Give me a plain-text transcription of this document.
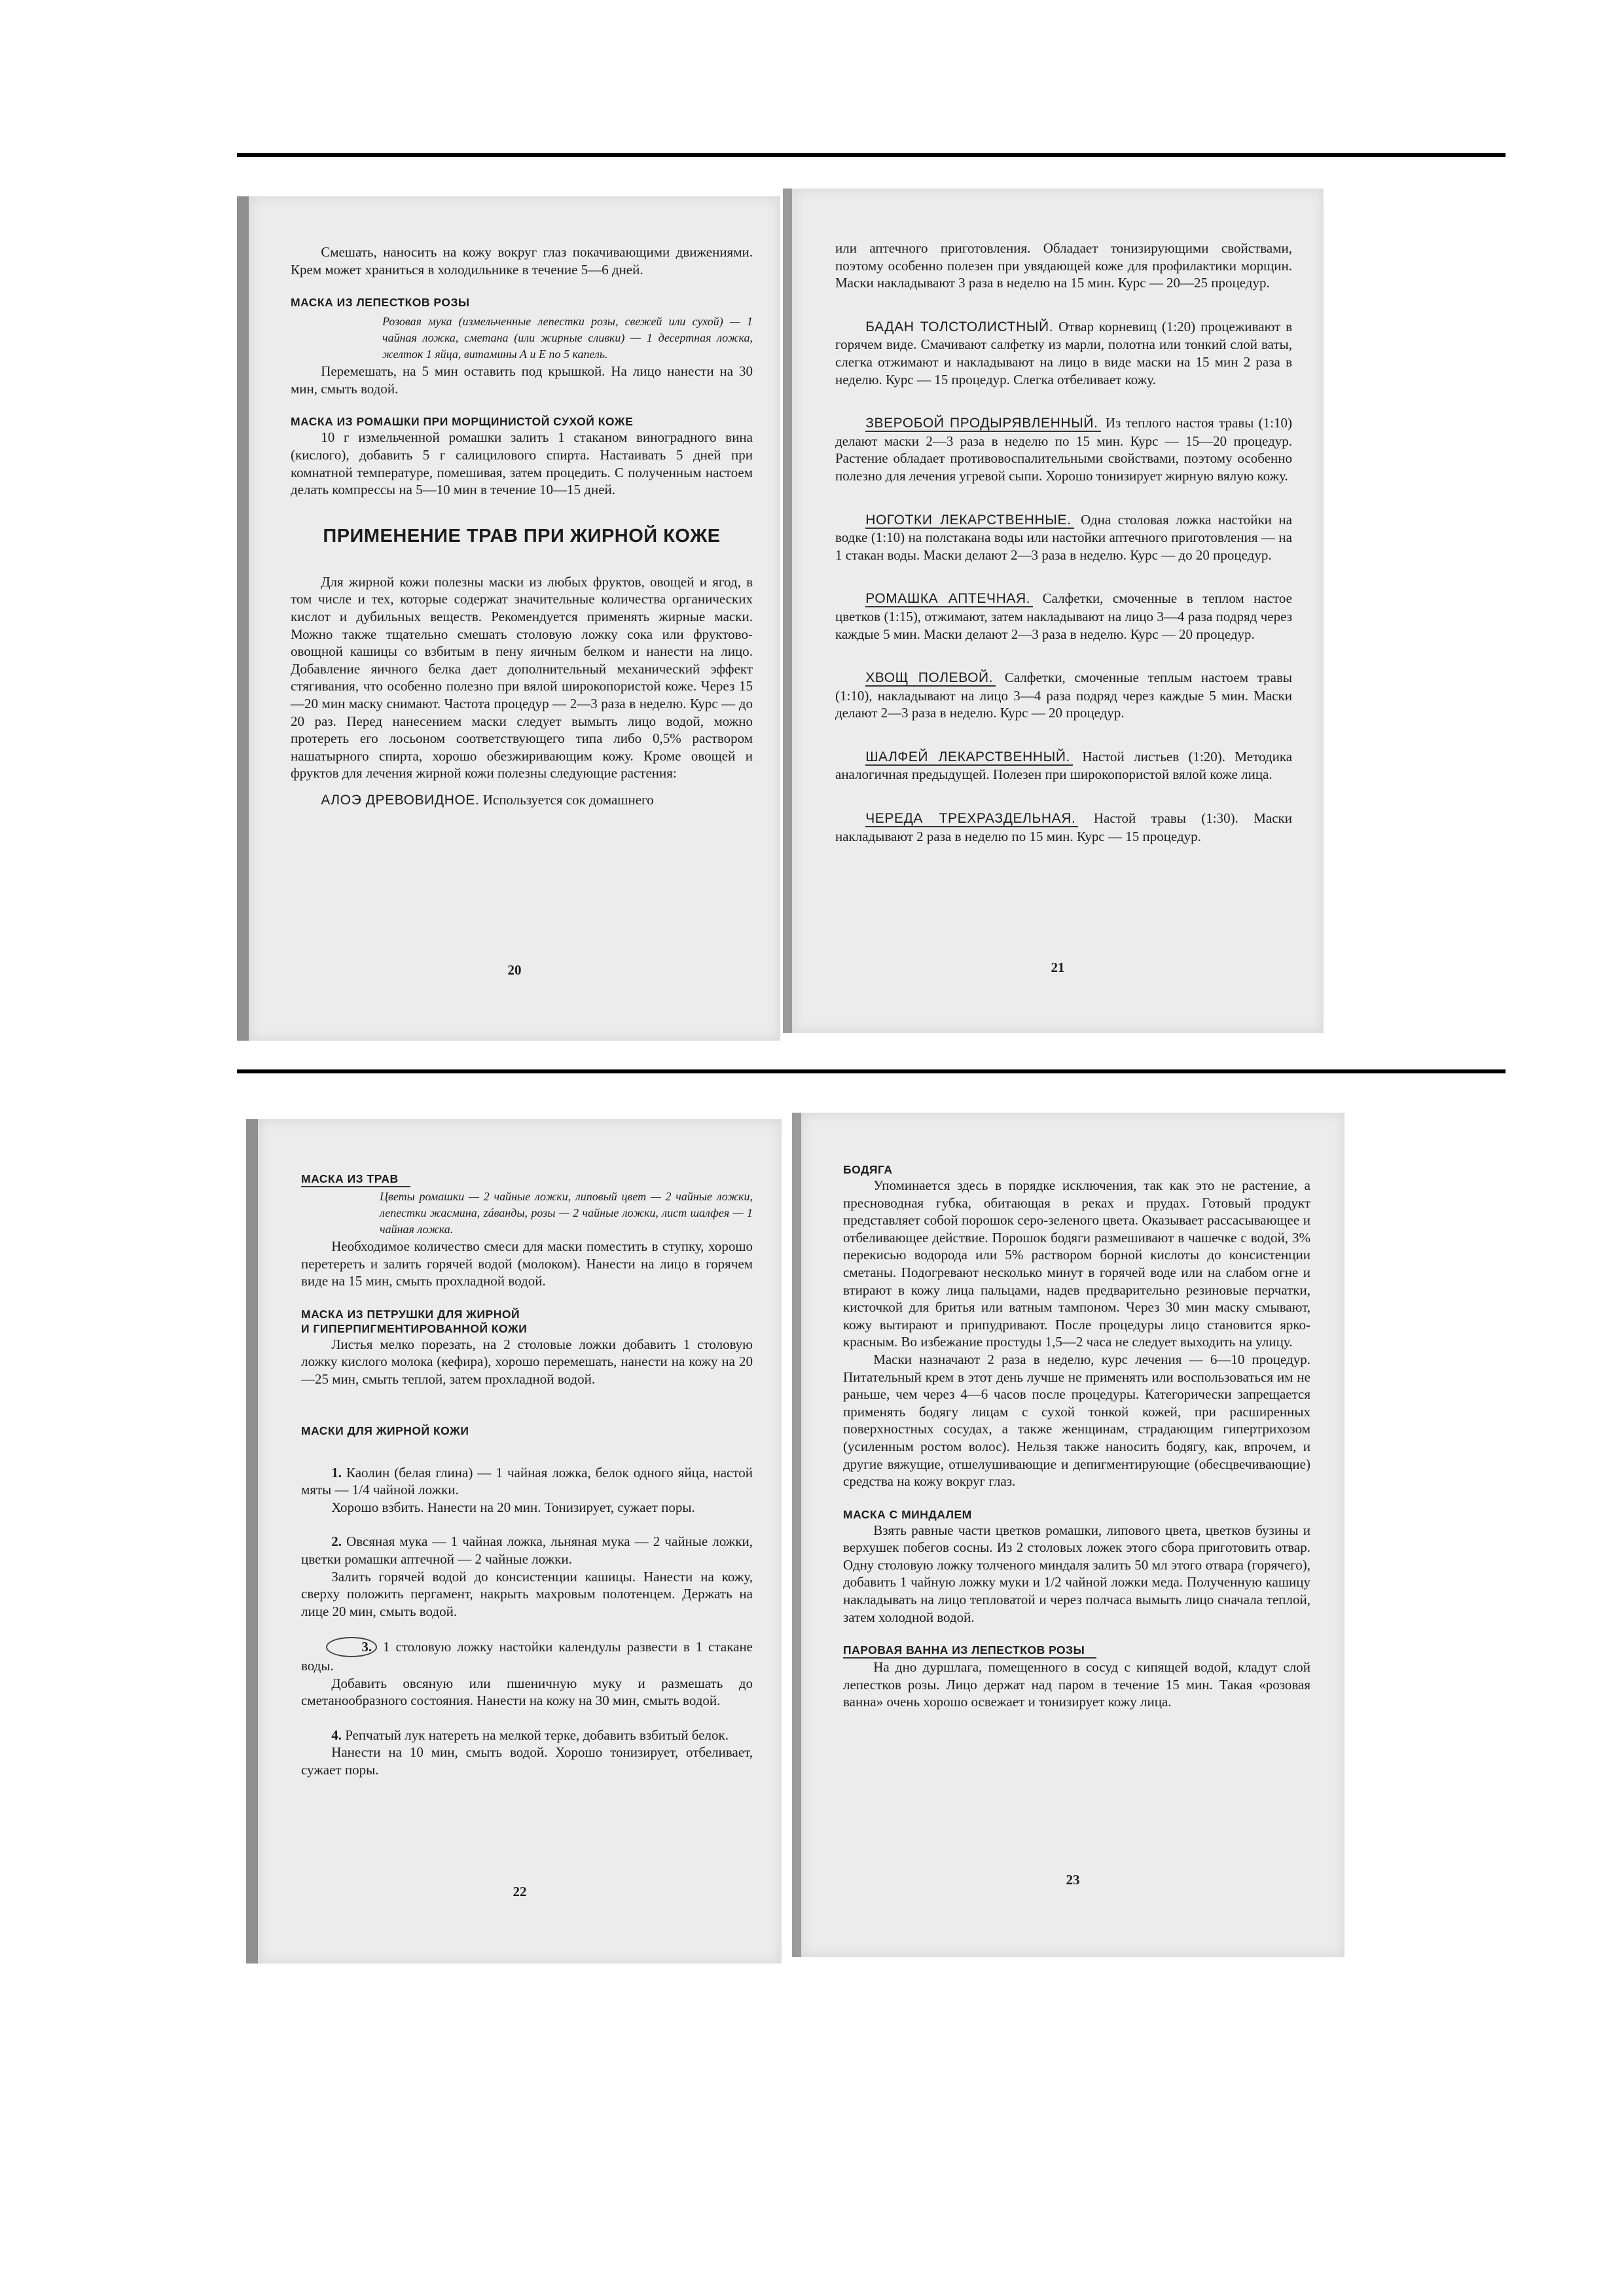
Смешать, наносить на кожу вокруг глаз покачивающими движениями. Крем может храниться в холодильнике в течение 5—6 дней.

МАСКА ИЗ ЛЕПЕСТКОВ РОЗЫ
Розовая мука (измельченные лепестки розы, свежей или сухой) — 1 чайная ложка, сметана (или жирные сливки) — 1 десертная ложка, желток 1 яйца, витамины А и Е по 5 капель.

Перемешать, на 5 мин оставить под крышкой. На лицо нанести на 30 мин, смыть водой.

МАСКА ИЗ РОМАШКИ ПРИ МОРЩИНИСТОЙ СУХОЙ КОЖЕ

10 г измельченной ромашки залить 1 стаканом виноградного вина (кислого), добавить 5 г салицилового спирта. Настаивать 5 дней при комнатной температуре, помешивая, затем процедить. С полученным настоем делать компрессы на 5—10 мин в течение 10—15 дней.

ПРИМЕНЕНИЕ ТРАВ ПРИ ЖИРНОЙ КОЖЕ

Для жирной кожи полезны маски из любых фруктов, овощей и ягод, в том числе и тех, которые содержат значительные количества органических кислот и дубильных веществ. Рекомендуется применять жирные маски. Можно также тщательно смешать столовую ложку сока или фруктово-овощной кашицы со взбитым в пену яичным белком и нанести на лицо. Добавление яичного белка дает дополнительный механический эффект стягивания, что особенно полезно при вялой широкопористой коже. Через 15—20 мин маску снимают. Частота процедур — 2—3 раза в неделю. Курс — до 20 раз. Перед нанесением маски следует вымыть лицо водой, можно протереть его лосьоном соответствующего типа либо 0,5% раствором нашатырного спирта, хорошо обезжиривающим кожу. Кроме овощей и фруктов для лечения жирной кожи полезны следующие растения:

АЛОЭ ДРЕВОВИДНОЕ. Используется сок домашнего

20

или аптечного приготовления. Обладает тонизирующими свойствами, поэтому особенно полезен при увядающей коже для профилактики морщин. Маски накладывают 3 раза в неделю на 15 мин. Курс — 20—25 процедур.

БАДАН ТОЛСТОЛИСТНЫЙ. Отвар корневищ (1:20) процеживают в горячем виде. Смачивают салфетку из марли, полотна или тонкий слой ваты, слегка отжимают и накладывают на лицо в виде маски на 15 мин 2 раза в неделю. Курс — 15 процедур. Слегка отбеливает кожу.

ЗВЕРОБОЙ ПРОДЫРЯВЛЕННЫЙ. Из теплого настоя травы (1:10) делают маски 2—3 раза в неделю по 15 мин. Курс — 15—20 процедур. Растение обладает противовоспалительными свойствами, поэтому особенно полезно для лечения угревой сыпи. Хорошо тонизирует жирную вялую кожу.

НОГОТКИ ЛЕКАРСТВЕННЫЕ. Одна столовая ложка настойки на водке (1:10) на полстакана воды или настойки аптечного приготовления — на 1 стакан воды. Маски делают 2—3 раза в неделю. Курс — до 20 процедур.

РОМАШКА АПТЕЧНАЯ. Салфетки, смоченные в теплом настое цветков (1:15), отжимают, затем накладывают на лицо 3—4 раза подряд через каждые 5 мин. Маски делают 2—3 раза в неделю. Курс — 20 процедур.

ХВОЩ ПОЛЕВОЙ. Салфетки, смоченные теплым настоем травы (1:10), накладывают на лицо 3—4 раза подряд через каждые 5 мин. Маски делают 2—3 раза в неделю. Курс — 20 процедур.

ШАЛФЕЙ ЛЕКАРСТВЕННЫЙ. Настой листьев (1:20). Методика аналогичная предыдущей. Полезен при широкопористой вялой коже лица.

ЧЕРЕДА ТРЕХРАЗДЕЛЬНАЯ. Настой травы (1:30). Маски накладывают 2 раза в неделю по 15 мин. Курс — 15 процедур.

21
МАСКА ИЗ ТРАВ
Цветы ромашки — 2 чайные ложки, липовый цвет — 2 чайные ложки, лепестки жасмина, záванды, розы — 2 чайные ложки, лист шалфея — 1 чайная ложка.

Необходимое количество смеси для маски поместить в ступку, хорошо перетереть и залить горячей водой (молоком). Нанести на лицо в горячем виде на 15 мин, смыть прохладной водой.

МАСКА ИЗ ПЕТРУШКИ ДЛЯ ЖИРНОЙ
И ГИПЕРПИГМЕНТИРОВАННОЙ КОЖИ

Листья мелко порезать, на 2 столовые ложки добавить 1 столовую ложку кислого молока (кефира), хорошо перемешать, нанести на кожу на 20—25 мин, смыть теплой, затем прохладной водой.

МАСКИ ДЛЯ ЖИРНОЙ КОЖИ

1. Каолин (белая глина) — 1 чайная ложка, белок одного яйца, настой мяты — 1/4 чайной ложки.

Хорошо взбить. Нанести на 20 мин. Тонизирует, сужает поры.

2. Овсяная мука — 1 чайная ложка, льняная мука — 2 чайные ложки, цветки ромашки аптечной — 2 чайные ложки.

Залить горячей водой до консистенции кашицы. Нанести на кожу, сверху положить пергамент, накрыть махровым полотенцем. Держать на лице 20 мин, смыть водой.

3. 1 столовую ложку настойки календулы развести в 1 стакане воды.

Добавить овсяную или пшеничную муку и размешать до сметанообразного состояния. Нанести на кожу на 30 мин, смыть водой.

4. Репчатый лук натереть на мелкой терке, добавить взбитый белок.

Нанести на 10 мин, смыть водой. Хорошо тонизирует, отбеливает, сужает поры.

22
БОДЯГА

Упоминается здесь в порядке исключения, так как это не растение, а пресноводная губка, обитающая в реках и прудах. Готовый продукт представляет собой порошок серо-зеленого цвета. Оказывает рассасывающее и отбеливающее действие. Порошок бодяги размешивают в чашечке с водой, 3% перекисью водорода или 5% раствором борной кислоты до консистенции сметаны. Подогревают несколько минут в горячей воде или на слабом огне и втирают в кожу лица пальцами, надев предварительно резиновые перчатки, кисточкой для бритья или ватным тампоном. Через 30 мин маску смывают, кожу вытирают и припудривают. После процедуры лицо становится ярко-красным. Во избежание простуды 1,5—2 часа не следует выходить на улицу.

Маски назначают 2 раза в неделю, курс лечения — 6—10 процедур. Питательный крем в этот день лучше не применять или воспользоваться им не раньше, чем через 4—6 часов после процедуры. Категорически запрещается применять бодягу лицам с сухой тонкой кожей, при расширенных поверхностных сосудах, а также женщинам, страдающим гипертрихозом (усиленным ростом волос). Нельзя также наносить бодягу, как, впрочем, и другие вяжущие, отшелушивающие и депигментирующие (обесцвечивающие) средства на кожу вокруг глаз.

МАСКА С МИНДАЛЕМ

Взять равные части цветков ромашки, липового цвета, цветков бузины и верхушек побегов сосны. Из 2 столовых ложек этого сбора приготовить отвар. Одну столовую ложку толченого миндаля залить 50 мл этого отвара (горячего), добавить 1 чайную ложку муки и 1/2 чайной ложки меда. Полученную кашицу накладывать на лицо тепловатой и через полчаса вымыть лицо сначала теплой, затем холодной водой.

ПАРОВАЯ ВАННА ИЗ ЛЕПЕСТКОВ РОЗЫ

На дно дуршлага, помещенного в сосуд с кипящей водой, кладут слой лепестков розы. Лицо держат над паром в течение 15 мин. Такая «розовая ванна» очень хорошо освежает и тонизирует кожу лица.

23
